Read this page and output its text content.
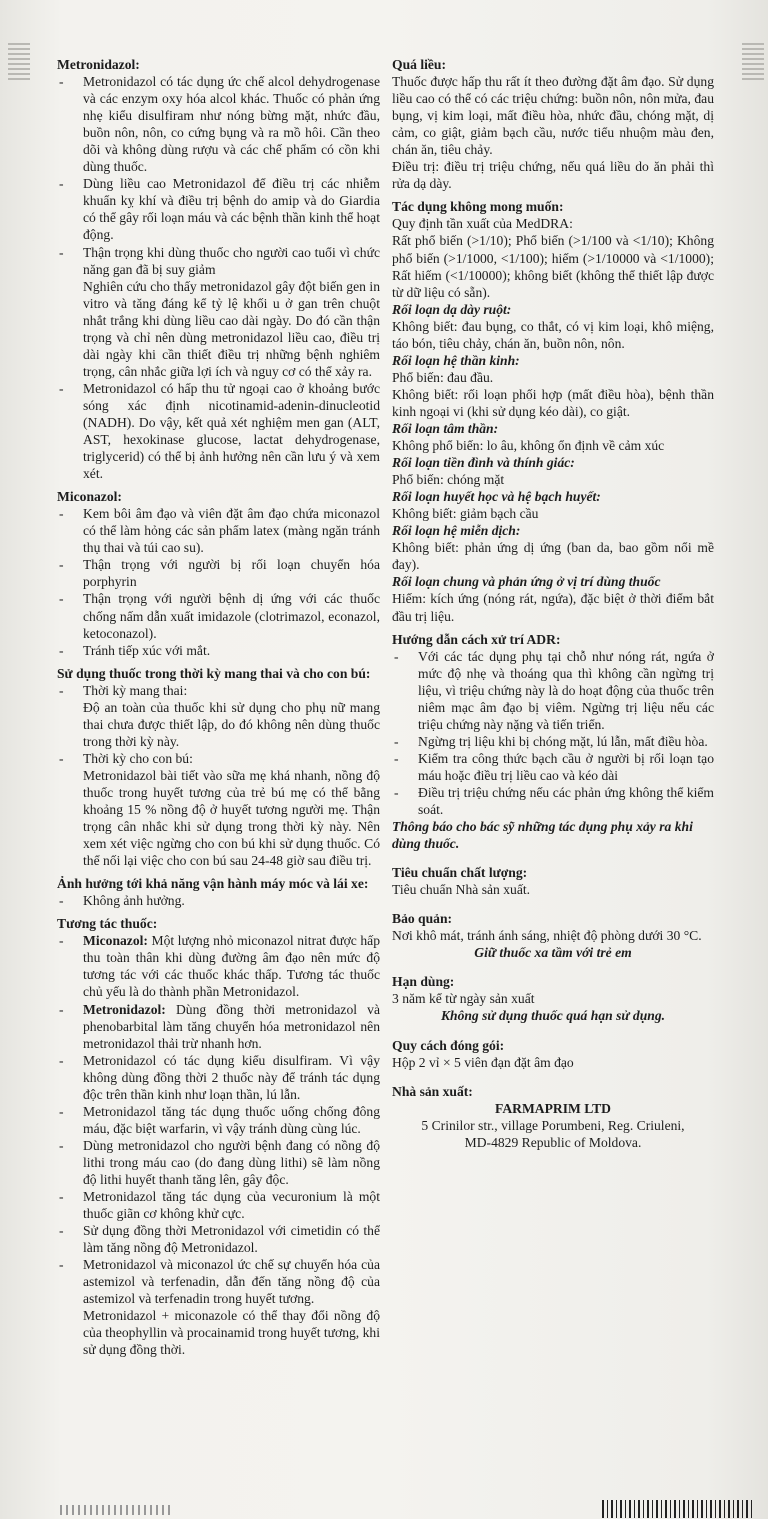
Metronidazol:
-	Metronidazol có tác dụng ức chế alcol dehydrogenase và các enzym oxy hóa alcol khác. Thuốc có phản ứng nhẹ kiểu disulfiram như nóng bừng mặt, nhức đầu, buồn nôn, nôn, co cứng bụng và ra mồ hôi. Cần theo dõi và không dùng rượu và các chế phẩm có cồn khi dùng thuốc.
-	Dùng liều cao Metronidazol để điều trị các nhiễm khuẩn kỵ khí và điều trị bệnh do amip và do Giardia có thể gây rối loạn máu và các bệnh thần kinh thể hoạt động.
-	Thận trọng khi dùng thuốc cho người cao tuổi vì chức năng gan đã bị suy giảm
Nghiên cứu cho thấy metronidazol gây đột biến gen in vitro và tăng đáng kể tỷ lệ khối u ở gan trên chuột nhắt trắng khi dùng liều cao dài ngày. Do đó cần thận trọng và chỉ nên dùng metronidazol liều cao, điều trị dài ngày khi cần thiết điều trị những bệnh nghiêm trọng, cân nhắc giữa lợi ích và nguy cơ có thể xảy ra.
-	Metronidazol có hấp thu tử ngoại cao ở khoảng bước sóng xác định nicotinamid-adenin-dinucleotid (NADH). Do vậy, kết quả xét nghiệm men gan (ALT, AST, hexokinase glucose, lactat dehydrogenase, triglycerid) có thể bị ảnh hưởng nên cần lưu ý và xem xét.
Miconazol:
-	Kem bôi âm đạo và viên đặt âm đạo chứa miconazol có thể làm hỏng các sản phẩm latex (màng ngăn tránh thụ thai và túi cao su).
-	Thận trọng với người bị rối loạn chuyển hóa porphyrin
-	Thận trọng với người bệnh dị ứng với các thuốc chống nấm dẫn xuất imidazole (clotrimazol, econazol, ketoconazol).
-	Tránh tiếp xúc với mắt.
Sử dụng thuốc trong thời kỳ mang thai và cho con bú:
-	Thời kỳ mang thai:
Độ an toàn của thuốc khi sử dụng cho phụ nữ mang thai chưa được thiết lập, do đó không nên dùng thuốc trong thời kỳ này.
-	Thời kỳ cho con bú:
Metronidazol bài tiết vào sữa mẹ khá nhanh, nồng độ thuốc trong huyết tương của trẻ bú mẹ có thể bằng khoảng 15 % nồng độ ở huyết tương người mẹ. Thận trọng cân nhắc khi sử dụng trong thời kỳ này. Nên xem xét việc ngừng cho con bú khi sử dụng thuốc. Có thể nối lại việc cho con bú sau 24-48 giờ sau điều trị.
Ảnh hưởng tới khả năng vận hành máy móc và lái xe:
-	Không ảnh hưởng.
Tương tác thuốc:
-	Miconazol: Một lượng nhỏ miconazol nitrat được hấp thu toàn thân khi dùng đường âm đạo nên mức độ tương tác với các thuốc khác thấp. Tương tác thuốc chủ yếu là do thành phần Metronidazol.
-	Metronidazol: Dùng đồng thời metronidazol và phenobarbital làm tăng chuyển hóa metronidazol nên metronidazol thải trừ nhanh hơn.
-	Metronidazol có tác dụng kiểu disulfiram. Vì vậy không dùng đồng thời 2 thuốc này để tránh tác dụng độc trên thần kinh như loạn thần, lú lẫn.
-	Metronidazol tăng tác dụng thuốc uống chống đông máu, đặc biệt warfarin, vì vậy tránh dùng cùng lúc.
-	Dùng metronidazol cho người bệnh đang có nồng độ lithi trong máu cao (do đang dùng lithi) sẽ làm nồng độ lithi huyết thanh tăng lên, gây độc.
-	Metronidazol tăng tác dụng của vecuronium là một thuốc giãn cơ không khử cực.
-	Sử dụng đồng thời Metronidazol với cimetidin có thể làm tăng nồng độ Metronidazol.
-	Metronidazol và miconazol ức chế sự chuyển hóa của astemizol và terfenadin, dẫn đến tăng nồng độ của astemizol và terfenadin trong huyết tương.
Metronidazol + miconazole có thể thay đổi nồng độ của theophyllin và procainamid trong huyết tương, khi sử dụng đồng thời.
Quá liều:
Thuốc được hấp thu rất ít theo đường đặt âm đạo. Sử dụng liều cao có thể có các triệu chứng: buồn nôn, nôn mửa, đau bụng, vị kim loại, mất điều hòa, nhức đầu, chóng mặt, dị cảm, co giật, giảm bạch cầu, nước tiểu nhuộm màu đen, chán ăn, tiêu chảy.
Điều trị: điều trị triệu chứng, nếu quá liều do ăn phải thì rửa dạ dày.
Tác dụng không mong muốn:
Quy định tần xuất của MedDRA:
Rất phổ biến (>1/10); Phổ biến (>1/100 và <1/10); Không phổ biến (>1/1000, <1/100); hiếm (>1/10000 và <1/1000); Rất hiếm (<1/10000); không biết (không thể thiết lập được từ dữ liệu có sẵn).
Rối loạn dạ dày ruột:
Không biết: đau bụng, co thắt, có vị kim loại, khô miệng, táo bón, tiêu chảy, chán ăn, buồn nôn, nôn.
Rối loạn hệ thần kinh:
Phổ biến: đau đầu.
Không biết: rối loạn phối hợp (mất điều hòa), bệnh thần kinh ngoại vi (khi sử dụng kéo dài), co giật.
Rối loạn tâm thần:
Không phổ biến: lo âu, không ổn định về cảm xúc
Rối loạn tiền đình và thính giác:
Phổ biến: chóng mặt
Rối loạn huyết học và hệ bạch huyết:
Không biết: giảm bạch cầu
Rối loạn hệ miễn dịch:
Không biết: phản ứng dị ứng (ban da, bao gồm nổi mề đay).
Rối loạn chung và phản ứng ở vị trí dùng thuốc
Hiếm: kích ứng (nóng rát, ngứa), đặc biệt ở thời điểm bắt đầu trị liệu.
Hướng dẫn cách xử trí ADR:
-	Với các tác dụng phụ tại chỗ như nóng rát, ngứa ở mức độ nhẹ và thoáng qua thì không cần ngừng trị liệu, vì triệu chứng này là do hoạt động của thuốc trên niêm mạc âm đạo bị viêm. Ngừng trị liệu nếu các triệu chứng này nặng và tiến triển.
-	Ngừng trị liệu khi bị chóng mặt, lú lẫn, mất điều hòa.
-	Kiểm tra công thức bạch cầu ở người bị rối loạn tạo máu hoặc điều trị liều cao và kéo dài
-	Điều trị triệu chứng nếu các phản ứng không thể kiểm soát.
Thông báo cho bác sỹ những tác dụng phụ xảy ra khi dùng thuốc.
Tiêu chuẩn chất lượng:
Tiêu chuẩn Nhà sản xuất.
Bảo quản:
Nơi khô mát, tránh ánh sáng, nhiệt độ phòng dưới 30 °C.
Giữ thuốc xa tầm với trẻ em
Hạn dùng:
3 năm kể từ ngày sản xuất
Không sử dụng thuốc quá hạn sử dụng.
Quy cách đóng gói:
Hộp 2 vỉ × 5 viên đạn đặt âm đạo
Nhà sản xuất:
FARMAPRIM LTD
5 Crinilor str., village Porumbeni, Reg. Criuleni,
MD-4829 Republic of Moldova.
